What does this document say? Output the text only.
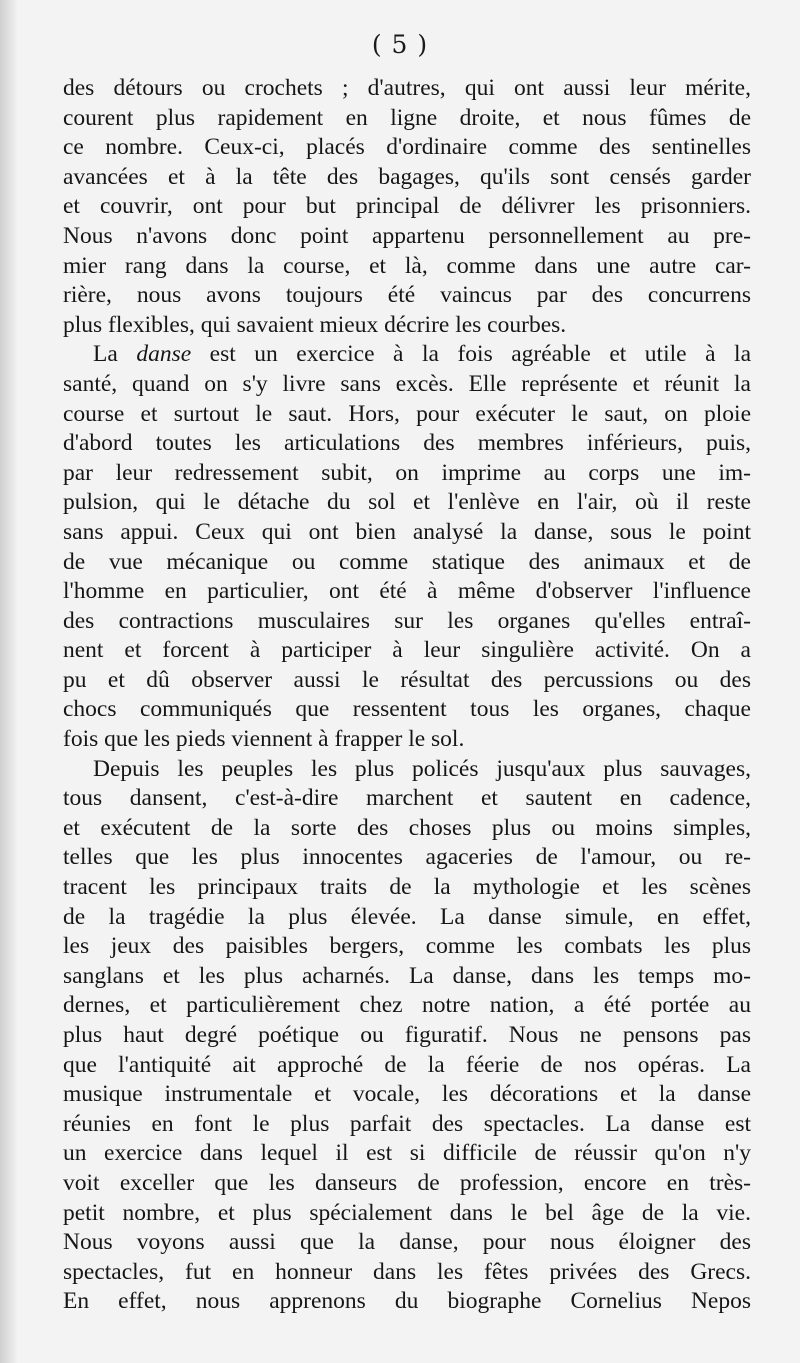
( 5 )
des détours ou crochets ; d'autres, qui ont aussi leur mérite,
courent plus rapidement en ligne droite, et nous fûmes de
ce nombre. Ceux-ci, placés d'ordinaire comme des sentinelles
avancées et à la tête des bagages, qu'ils sont censés garder
et couvrir, ont pour but principal de délivrer les prisonniers.
Nous n'avons donc point appartenu personnellement au pre-
mier rang dans la course, et là, comme dans une autre car-
rière, nous avons toujours été vaincus par des concurrens
plus flexibles, qui savaient mieux décrire les courbes.
La danse est un exercice à la fois agréable et utile à la
santé, quand on s'y livre sans excès. Elle représente et réunit la
course et surtout le saut. Hors, pour exécuter le saut, on ploie
d'abord toutes les articulations des membres inférieurs, puis,
par leur redressement subit, on imprime au corps une im-
pulsion, qui le détache du sol et l'enlève en l'air, où il reste
sans appui. Ceux qui ont bien analysé la danse, sous le point
de vue mécanique ou comme statique des animaux et de
l'homme en particulier, ont été à même d'observer l'influence
des contractions musculaires sur les organes qu'elles entraî-
nent et forcent à participer à leur singulière activité. On a
pu et dû observer aussi le résultat des percussions ou des
chocs communiqués que ressentent tous les organes, chaque
fois que les pieds viennent à frapper le sol.
Depuis les peuples les plus policés jusqu'aux plus sauvages,
tous dansent, c'est-à-dire marchent et sautent en cadence,
et exécutent de la sorte des choses plus ou moins simples,
telles que les plus innocentes agaceries de l'amour, ou re-
tracent les principaux traits de la mythologie et les scènes
de la tragédie la plus élevée. La danse simule, en effet,
les jeux des paisibles bergers, comme les combats les plus
sanglans et les plus acharnés. La danse, dans les temps mo-
dernes, et particulièrement chez notre nation, a été portée au
plus haut degré poétique ou figuratif. Nous ne pensons pas
que l'antiquité ait approché de la féerie de nos opéras. La
musique instrumentale et vocale, les décorations et la danse
réunies en font le plus parfait des spectacles. La danse est
un exercice dans lequel il est si difficile de réussir qu'on n'y
voit exceller que les danseurs de profession, encore en très-
petit nombre, et plus spécialement dans le bel âge de la vie.
Nous voyons aussi que la danse, pour nous éloigner des
spectacles, fut en honneur dans les fêtes privées des Grecs.
En effet, nous apprenons du biographe Cornelius Nepos
